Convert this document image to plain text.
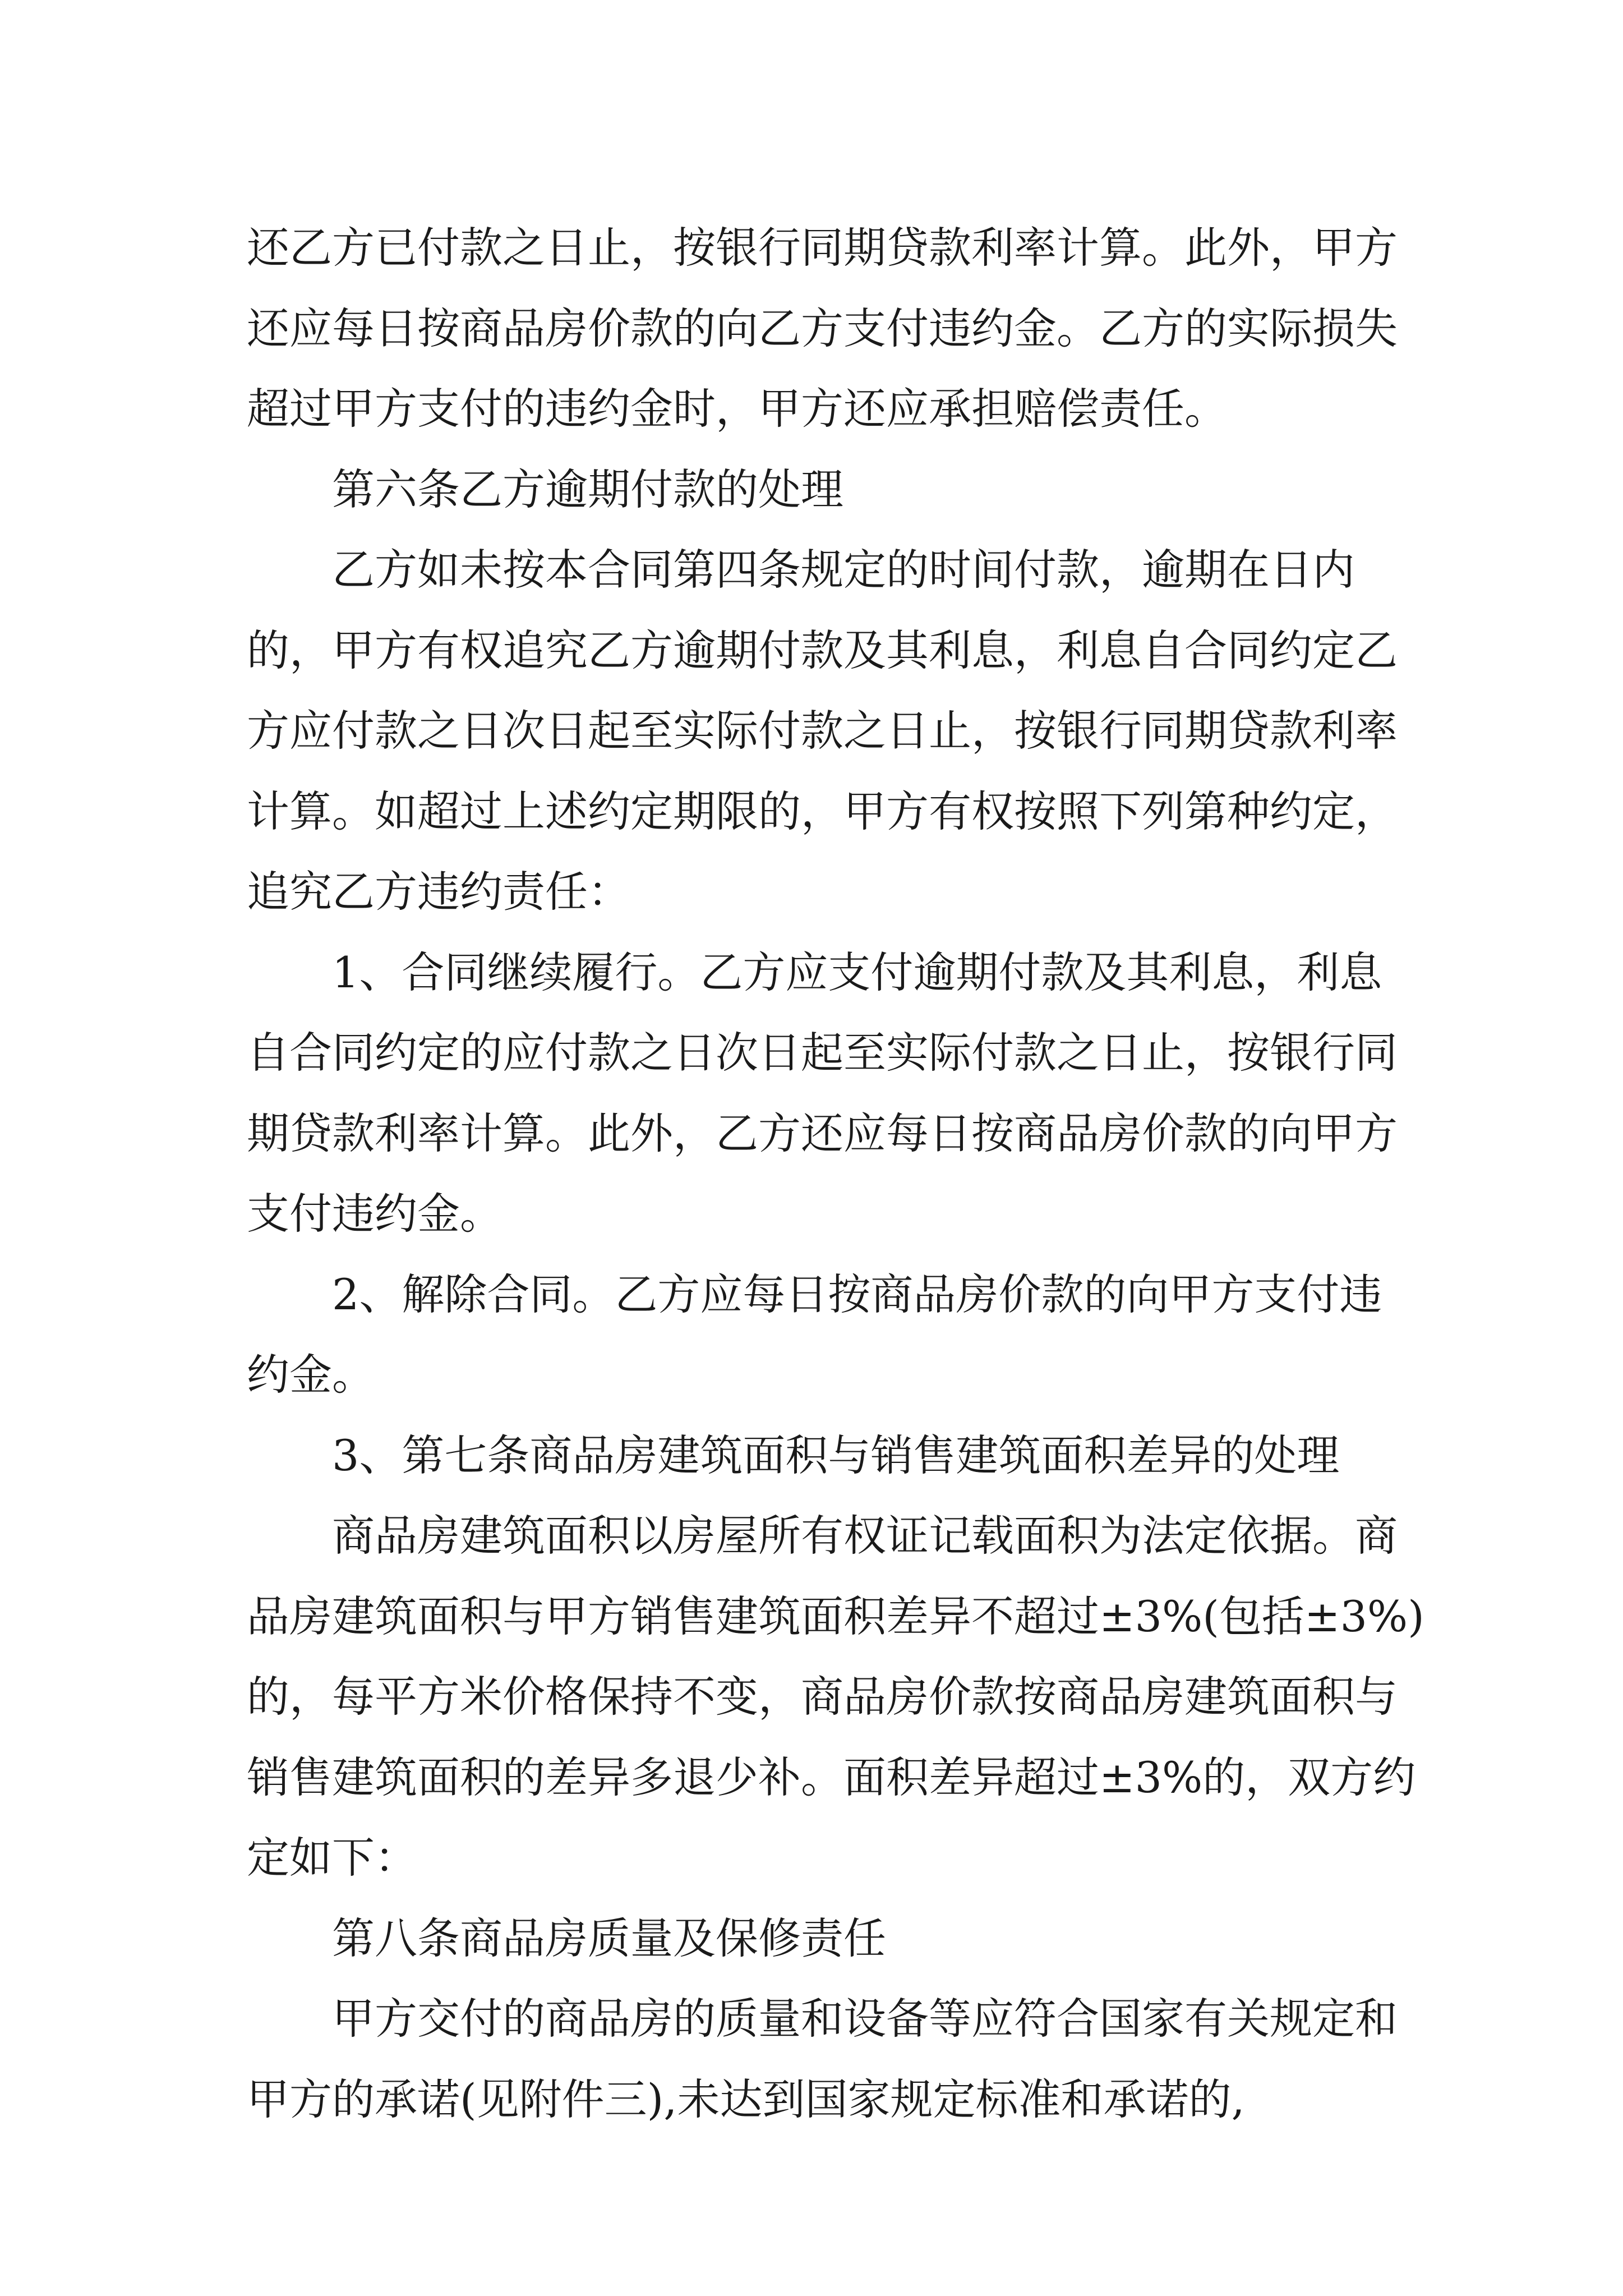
还乙方已付款之日止，按银行同期贷款利率计算。此外，甲方还应每日按商品房价款的向乙方支付违约金。乙方的实际损失超过甲方支付的违约金时，甲方还应承担赔偿责任。

第六条乙方逾期付款的处理

乙方如未按本合同第四条规定的时间付款，逾期在日内的，甲方有权追究乙方逾期付款及其利息，利息自合同约定乙方应付款之日次日起至实际付款之日止，按银行同期贷款利率计算。如超过上述约定期限的，甲方有权按照下列第种约定，追究乙方违约责任：

1、合同继续履行。乙方应支付逾期付款及其利息，利息自合同约定的应付款之日次日起至实际付款之日止，按银行同期贷款利率计算。此外，乙方还应每日按商品房价款的向甲方支付违约金。

2、解除合同。乙方应每日按商品房价款的向甲方支付违约金。

3、第七条商品房建筑面积与销售建筑面积差异的处理

商品房建筑面积以房屋所有权证记载面积为法定依据。商品房建筑面积与甲方销售建筑面积差异不超过±3%(包括±3%)的，每平方米价格保持不变，商品房价款按商品房建筑面积与销售建筑面积的差异多退少补。面积差异超过±3%的，双方约定如下：

第八条商品房质量及保修责任

甲方交付的商品房的质量和设备等应符合国家有关规定和甲方的承诺(见附件三),未达到国家规定标准和承诺的,
